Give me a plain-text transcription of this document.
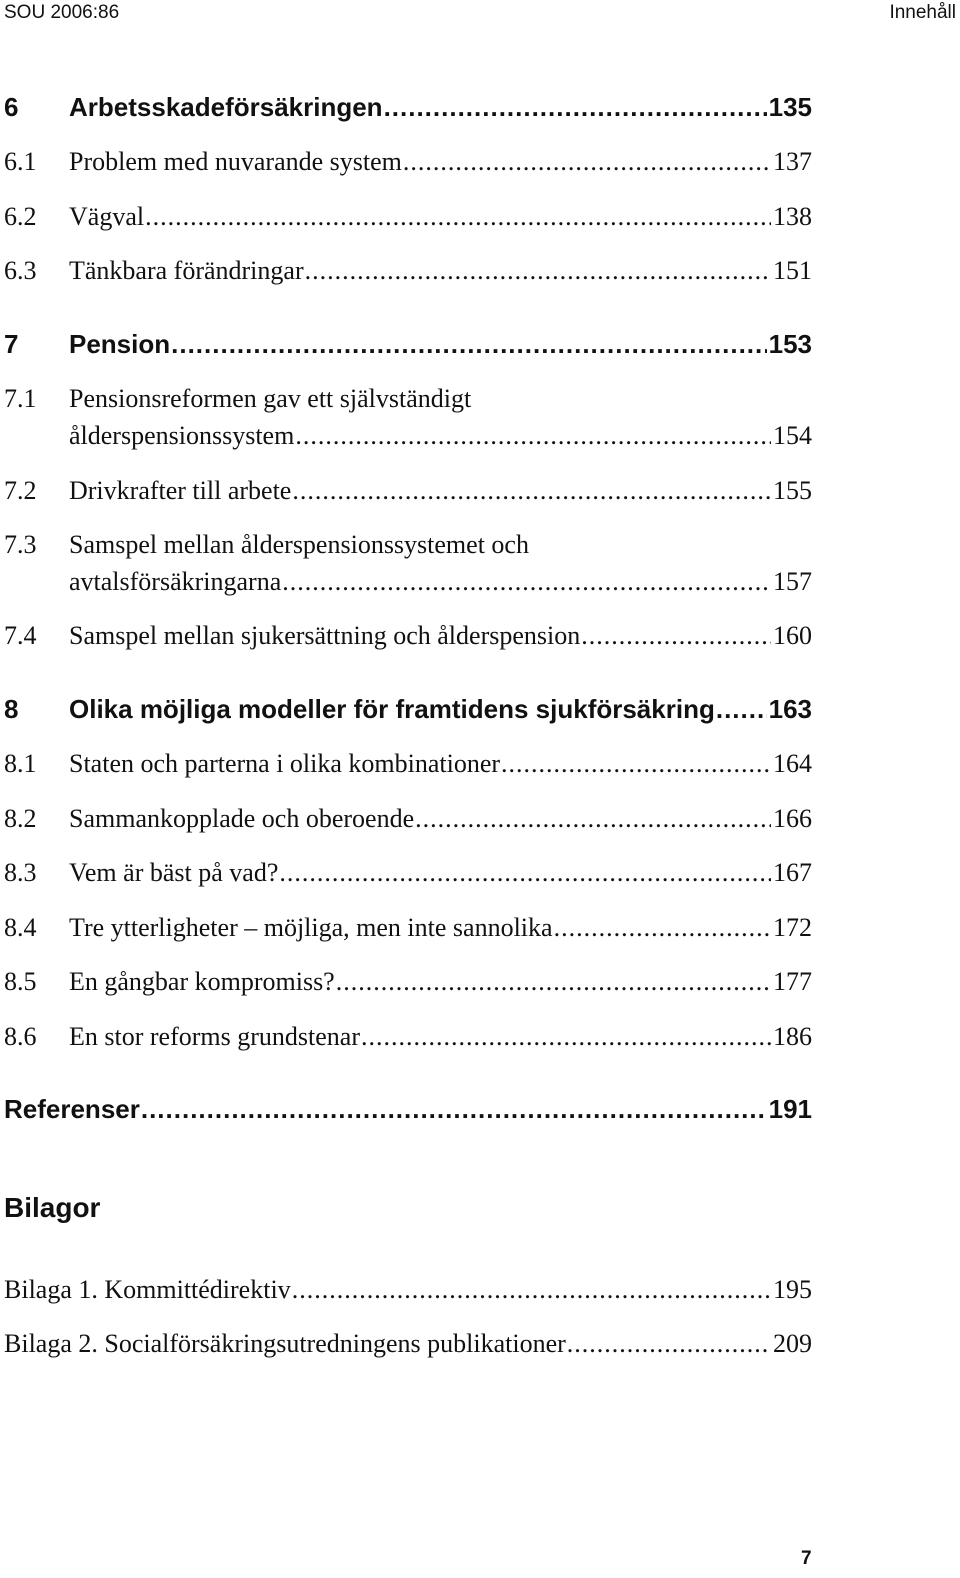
SOU 2006:86	Innehåll
6	Arbetsskadeförsäkringen .....	135
6.1	Problem med nuvarande system .....	137
6.2	Vägval .....	138
6.3	Tänkbara förändringar .....	151
7	Pension .....	153
7.1	Pensionsreformen gav ett självständigt
ålderspensionssystem .....	154
7.2	Drivkrafter till arbete .....	155
7.3	Samspel mellan ålderspensionssystemet och
avtalsförsäkringarna .....	157
7.4	Samspel mellan sjukersättning och ålderspension .....	160
8	Olika möjliga modeller för framtidens sjukförsäkring ..... 163
8.1	Staten och parterna i olika kombinationer .....	164
8.2	Sammankopplade och oberoende .....	166
8.3	Vem är bäst på vad? .....	167
8.4	Tre ytterligheter – möjliga, men inte sannolika .....	172
8.5	En gångbar kompromiss? .....	177
8.6	En stor reforms grundstenar .....	186
Referenser .....	191
Bilagor
Bilaga 1. Kommittédirektiv .....	195
Bilaga 2. Socialförsäkringsutredningens publikationer .....	209
7
